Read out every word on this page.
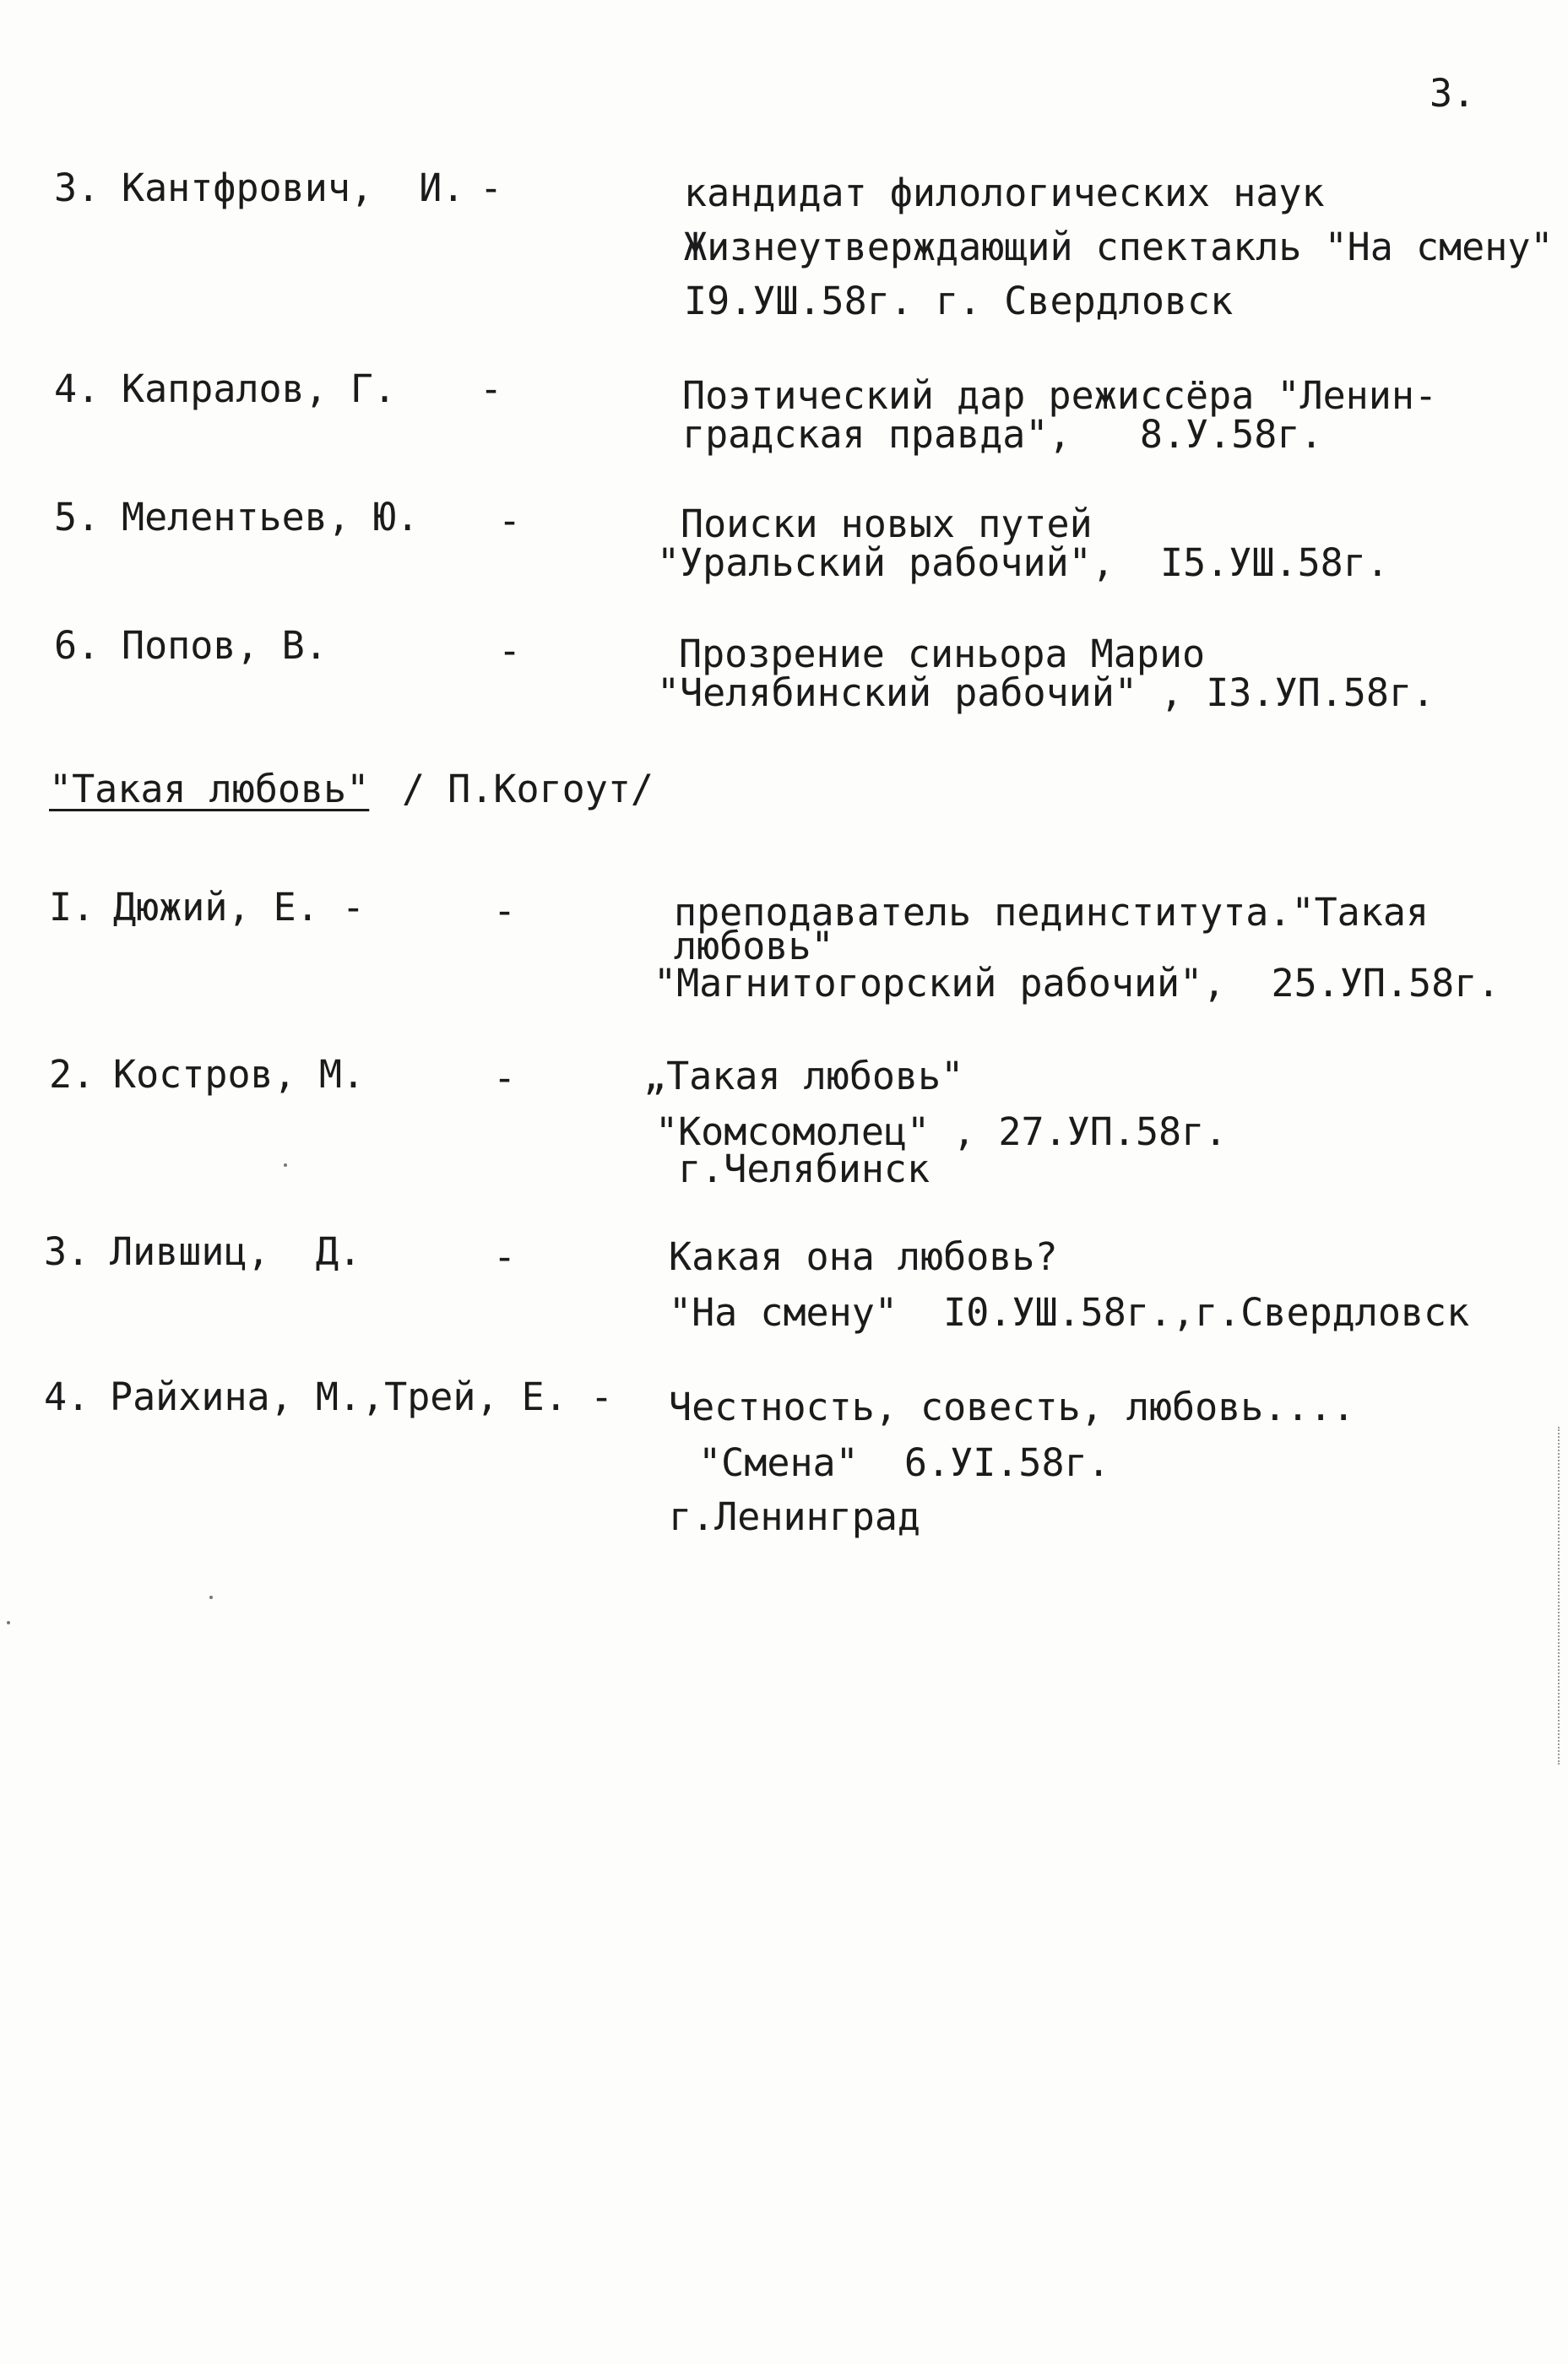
3.
3. Кантфрович,  И. -	кандидат филологических наук
Жизнеутверждающий спектакль "На смену"
I9.УШ.58г. г. Свердловск
4. Капралов, Г. -	Поэтический дар режиссёра "Ленин-
градская правда",   8.У.58г.
5. Мелентьев, Ю. -	Поиски новых путей
"Уральский рабочий",  I5.УШ.58г.
6. Попов, В.	-	Прозрение синьора Марио
"Челябинский рабочий" , I3.УП.58г.
"Такая любовь" / П.Когоут/
I. Дюжий, Е. -	-	преподаватель пединститута."Такая
любовь"
"Магнитогорский рабочий",  25.УП.58г.
2. Костров, М.	-	„Такая любовь"
"Комсомолец" , 27.УП.58г.
г.Челябинск
3. Лившиц,  Д.	-	Какая она любовь?
"На смену"  I0.УШ.58г.,г.Свердловск
4. Райхина, М.,Трей, Е. - Честность, совесть, любовь....
"Смена"  6.УI.58г.
г.Ленинград
